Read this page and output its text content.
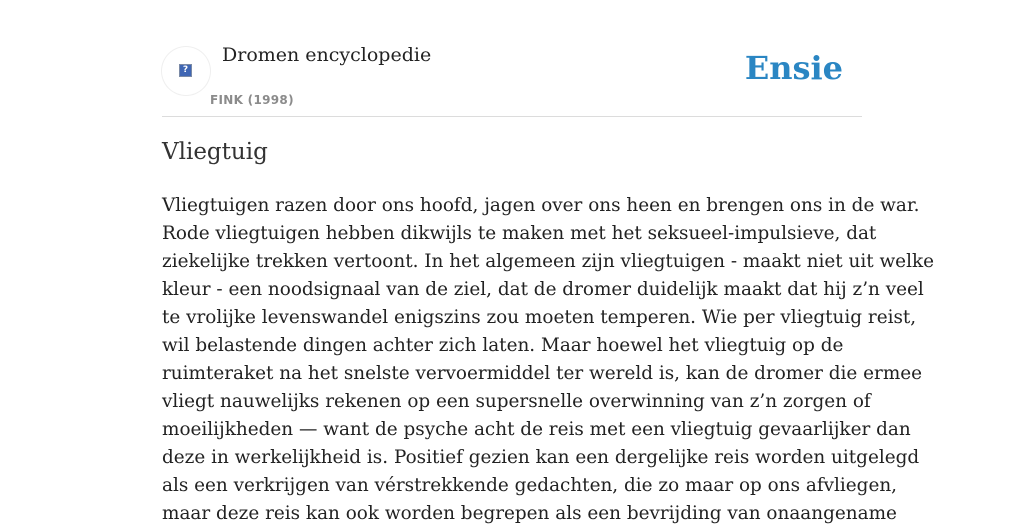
?
Dromen encyclopedie
FINK (1998)
Ensie
Vliegtuig

Vliegtuigen razen door ons hoofd, jagen over ons heen en brengen ons in de war.
Rode vliegtuigen hebben dikwijls te maken met het seksueel-impulsieve, dat
ziekelijke trekken vertoont. In het algemeen zijn vliegtuigen - maakt niet uit welke
kleur - een noodsignaal van de ziel, dat de dromer duidelijk maakt dat hij z’n veel
te vrolijke levenswandel enigszins zou moeten temperen. Wie per vliegtuig reist,
wil belastende dingen achter zich laten. Maar hoewel het vliegtuig op de
ruimteraket na het snelste vervoermiddel ter wereld is, kan de dromer die ermee
vliegt nauwelijks rekenen op een supersnelle overwinning van z’n zorgen of
moeilijkheden — want de psyche acht de reis met een vliegtuig gevaarlijker dan
deze in werkelijkheid is. Positief gezien kan een dergelijke reis worden uitgelegd
als een verkrijgen van vérstrekkende gedachten, die zo maar op ons afvliegen,
maar deze reis kan ook worden begrepen als een bevrijding van onaangename
